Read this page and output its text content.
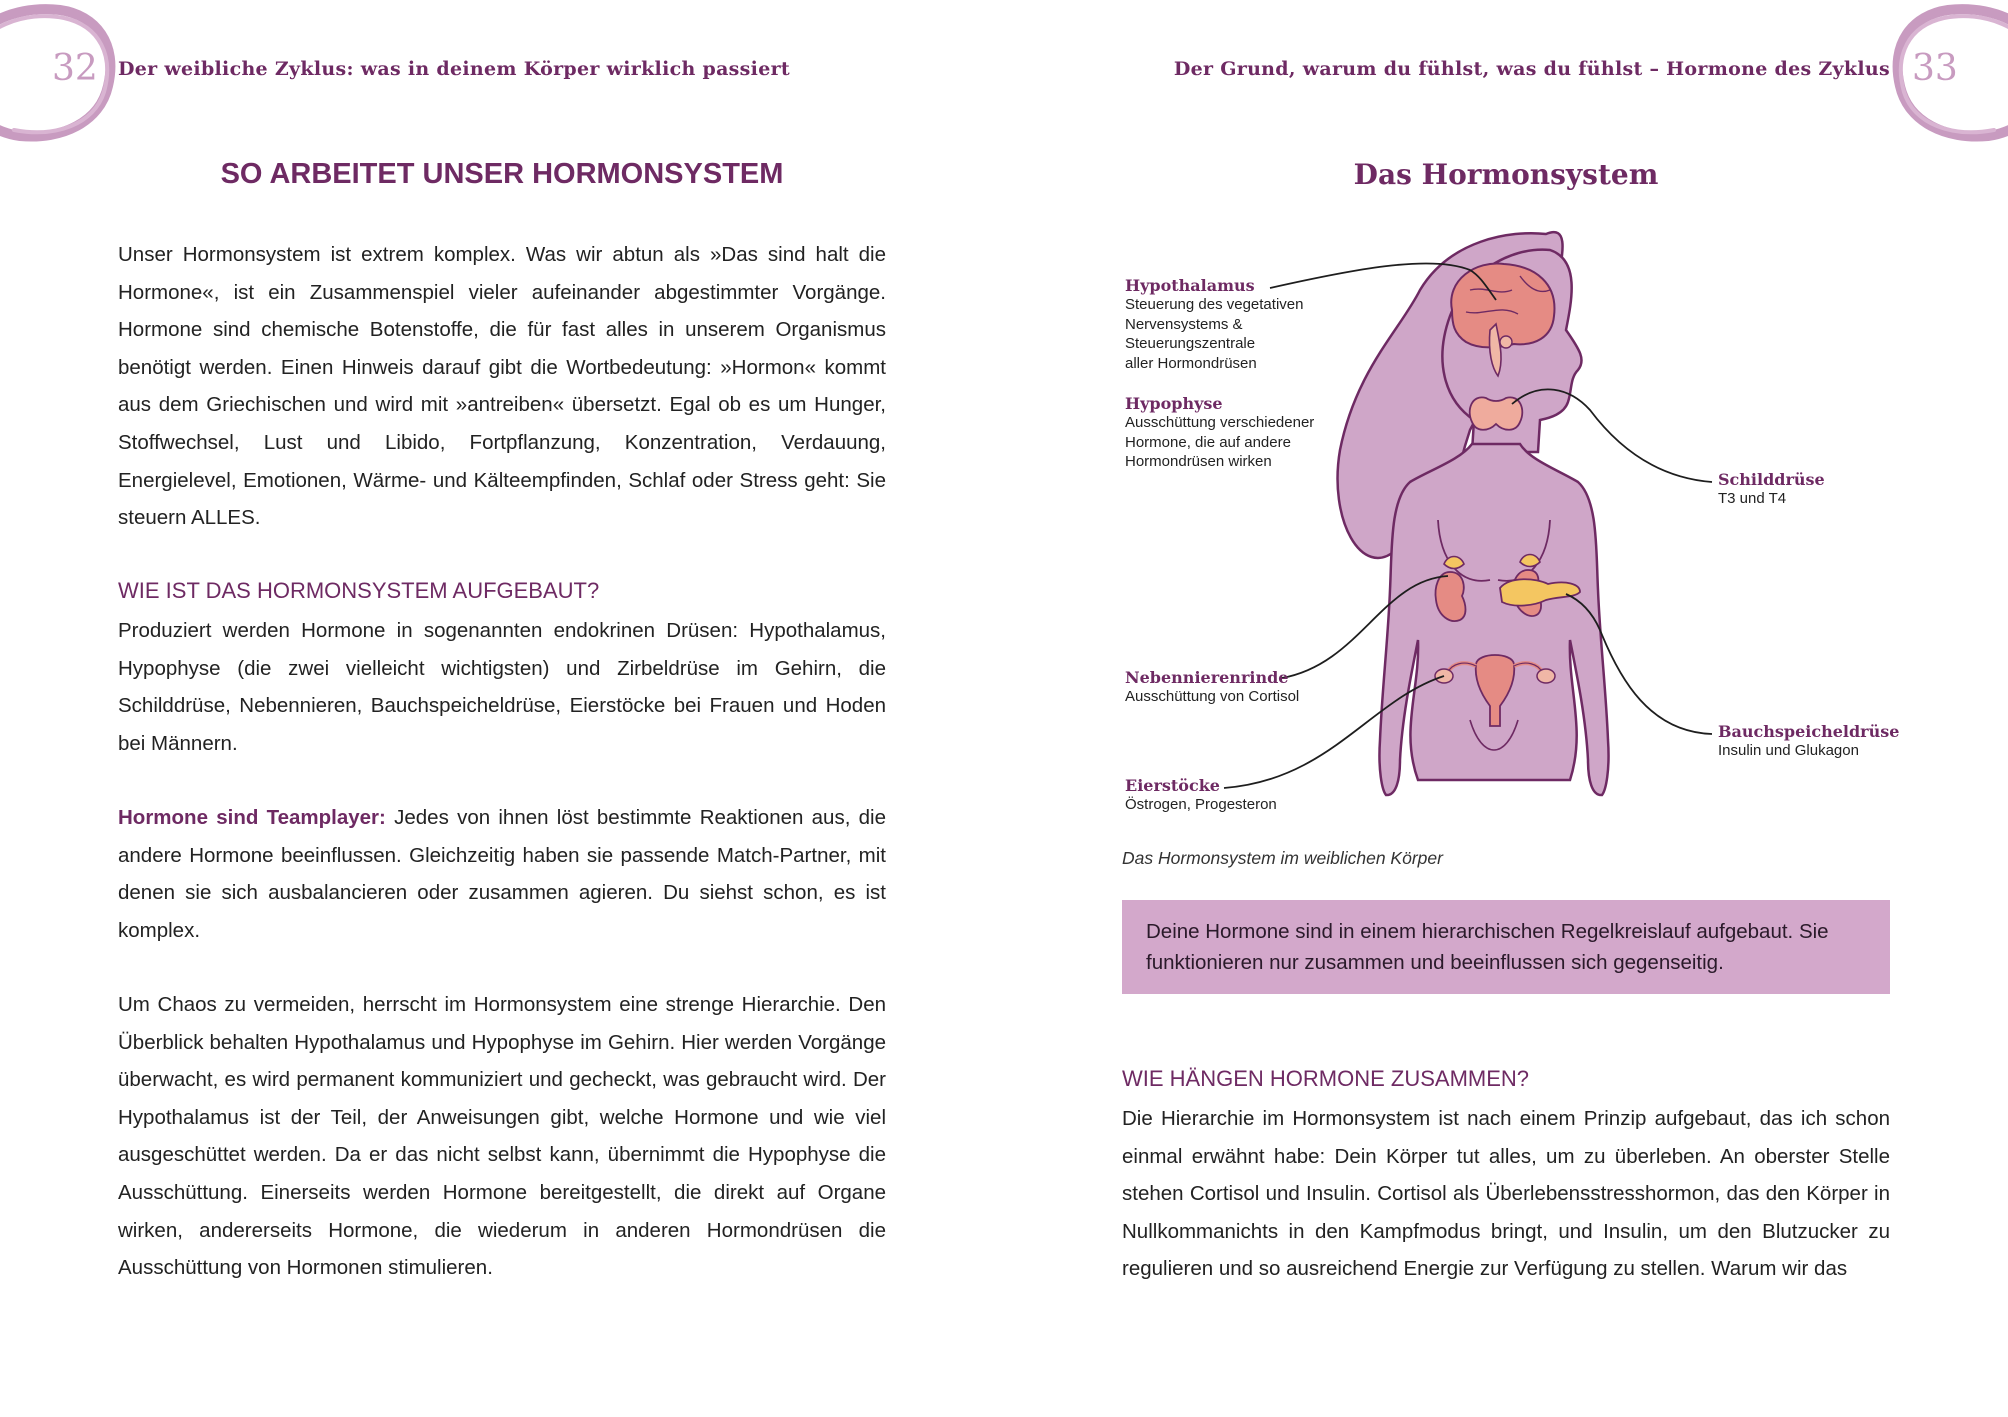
32 Der weibliche Zyklus: was in deinem Körper wirklich passiert
SO ARBEITET UNSER HORMONSYSTEM

Unser Hormonsystem ist extrem komplex. Was wir abtun als »Das sind halt die Hormone«, ist ein Zusammenspiel vieler aufeinander abgestimmter Vorgänge. Hormone sind chemische Botenstoffe, die für fast alles in unserem Organismus benötigt werden. Einen Hinweis darauf gibt die Wortbedeutung: »Hormon« kommt aus dem Griechischen und wird mit »antreiben« übersetzt. Egal ob es um Hunger, Stoffwechsel, Lust und Libido, Fortpflanzung, Konzentration, Verdauung, Energielevel, Emotionen, Wärme- und Kälteempfinden, Schlaf oder Stress geht: Sie steuern ALLES.

WIE IST DAS HORMONSYSTEM AUFGEBAUT?

Produziert werden Hormone in sogenannten endokrinen Drüsen: Hypothalamus, Hypophyse (die zwei vielleicht wichtigsten) und Zirbeldrüse im Gehirn, die Schilddrüse, Nebennieren, Bauchspeicheldrüse, Eierstöcke bei Frauen und Hoden bei Männern.

Hormone sind Teamplayer: Jedes von ihnen löst bestimmte Reaktionen aus, die andere Hormone beeinflussen. Gleichzeitig haben sie passende Match-Partner, mit denen sie sich ausbalancieren oder zusammen agieren. Du siehst schon, es ist komplex.

Um Chaos zu vermeiden, herrscht im Hormonsystem eine strenge Hierarchie. Den Überblick behalten Hypothalamus und Hypophyse im Gehirn. Hier werden Vorgänge überwacht, es wird permanent kommuniziert und gecheckt, was gebraucht wird. Der Hypothalamus ist der Teil, der Anweisungen gibt, welche Hormone und wie viel ausgeschüttet werden. Da er das nicht selbst kann, übernimmt die Hypophyse die Ausschüttung. Einerseits werden Hormone bereitgestellt, die direkt auf Organe wirken, andererseits Hormone, die wiederum in anderen Hormondrüsen die Ausschüttung von Hormonen stimulieren.

33
Der Grund, warum du fühlst, was du fühlst – Hormone des Zyklus
Das Hormonsystem
Hypothalamus
Steuerung des vegetativen
Nervensystems &
Steuerungszentrale
aller Hormondrüsen
Hypophyse
Ausschüttung verschiedener
Hormone, die auf andere
Hormondrüsen wirken
Schilddrüse
T3 und T4
Nebennierenrinde
Ausschüttung von Cortisol
Bauchspeicheldrüse
Insulin und Glukagon
Eierstöcke
Östrogen, Progesteron
Das Hormonsystem im weiblichen Körper
Deine Hormone sind in einem hierarchischen Regelkreislauf aufgebaut. Sie funktionieren nur zusammen und beeinflussen sich gegenseitig.
WIE HÄNGEN HORMONE ZUSAMMEN?

Die Hierarchie im Hormonsystem ist nach einem Prinzip aufgebaut, das ich schon einmal erwähnt habe: Dein Körper tut alles, um zu überleben. An oberster Stelle stehen Cortisol und Insulin. Cortisol als Überlebensstresshormon, das den Körper in Nullkommanichts in den Kampfmodus bringt, und Insulin, um den Blutzucker zu regulieren und so ausreichend Energie zur Verfügung zu stellen. Warum wir das
